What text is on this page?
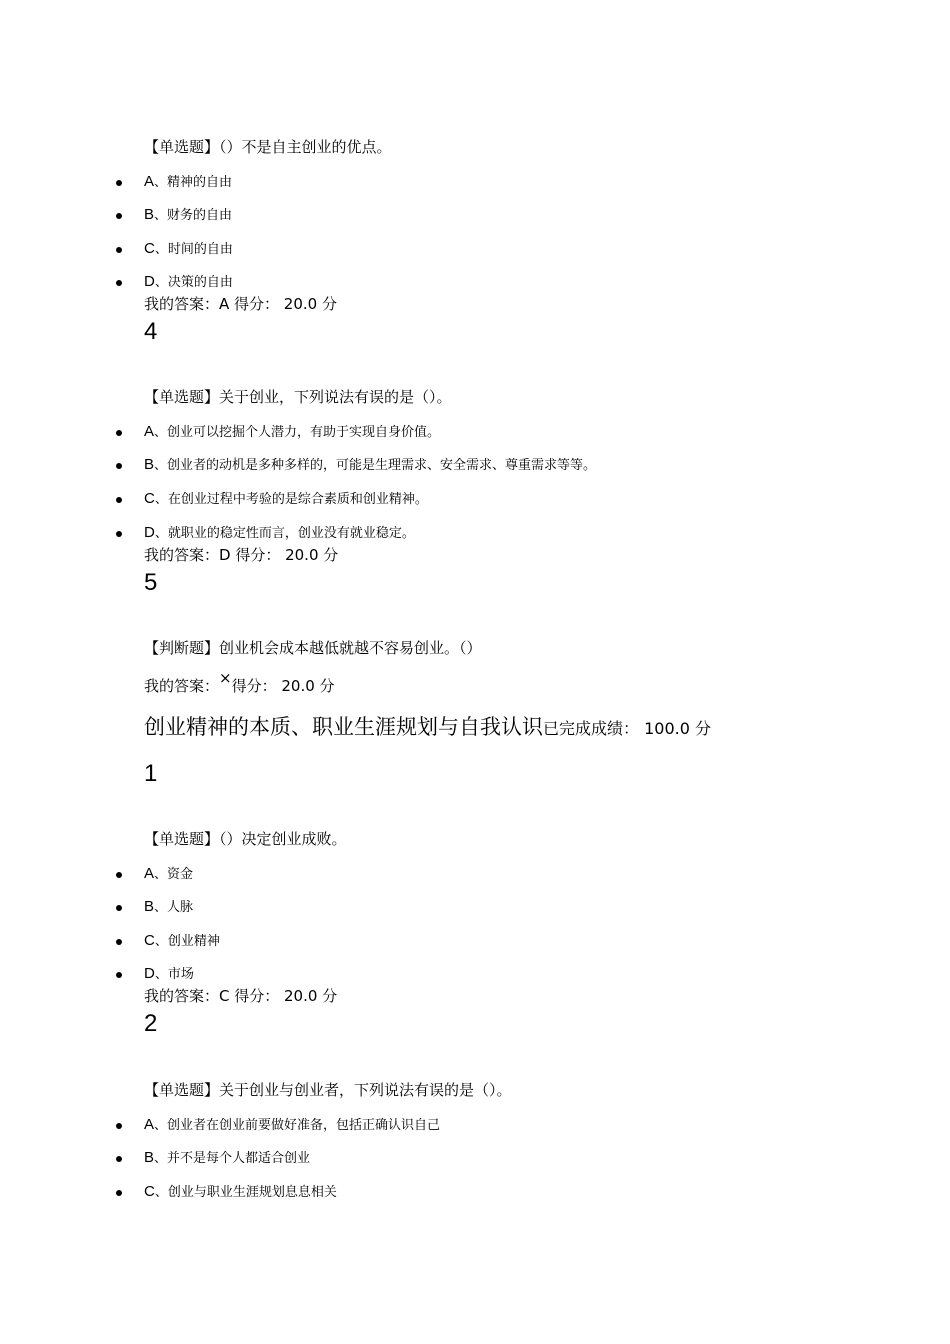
【单选题】（）不是自主创业的优点。
A、精神的自由
B、财务的自由
C、时间的自由
D、决策的自由
我的答案：A 得分： 20.0 分
4
【单选题】关于创业，下列说法有误的是（）。
A、创业可以挖掘个人潜力，有助于实现自身价值。
B、创业者的动机是多种多样的，可能是生理需求、安全需求、尊重需求等等。
C、在创业过程中考验的是综合素质和创业精神。
D、就职业的稳定性而言，创业没有就业稳定。
我的答案：D 得分： 20.0 分
5
【判断题】创业机会成本越低就越不容易创业。（）
我的答案：×得分： 20.0 分
创业精神的本质、职业生涯规划与自我认识已完成成绩： 100.0 分
1
【单选题】（）决定创业成败。
A、资金
B、人脉
C、创业精神
D、市场
我的答案：C 得分： 20.0 分
2
【单选题】关于创业与创业者，下列说法有误的是（）。
A、创业者在创业前要做好准备，包括正确认识自己
B、并不是每个人都适合创业
C、创业与职业生涯规划息息相关
